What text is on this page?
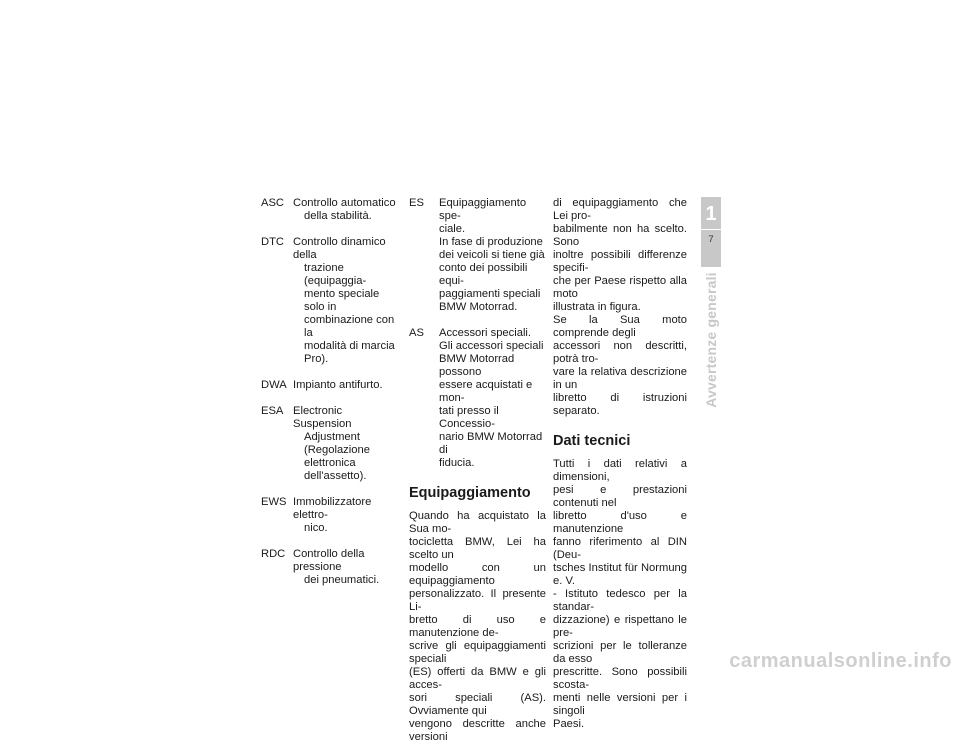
ASC Controllo automatico
della stabilità.
DTC Controllo dinamico della
trazione (equipaggia-
mento speciale solo in
combinazione con la
modalità di marcia Pro).
DWA Impianto antifurto.
ESA Electronic Suspension
Adjustment (Regolazione
elettronica dell'assetto).
EWS Immobilizzatore elettro-
nico.
RDC Controllo della pressione
dei pneumatici.
ES	Equipaggiamento spe-
ciale.
In fase di produzione
dei veicoli si tiene già
conto dei possibili equi-
paggiamenti speciali
BMW Motorrad.
AS	Accessori speciali.
Gli accessori speciali
BMW Motorrad possono
essere acquistati e mon-
tati presso il Concessio-
nario BMW Motorrad di
fiducia.
Equipaggiamento
Quando ha acquistato la Sua mo-
tocicletta BMW, Lei ha scelto un
modello con un equipaggiamento
personalizzato. Il presente Li-
bretto di uso e manutenzione de-
scrive gli equipaggiamenti speciali
(ES) offerti da BMW e gli acces-
sori speciali (AS). Ovviamente qui
vengono descritte anche versioni
di equipaggiamento che Lei pro-
babilmente non ha scelto. Sono
inoltre possibili differenze specifi-
che per Paese rispetto alla moto
illustrata in figura.
Se la Sua moto comprende degli
accessori non descritti, potrà tro-
vare la relativa descrizione in un
libretto di istruzioni separato.
Dati tecnici
Tutti i dati relativi a dimensioni,
pesi e prestazioni contenuti nel
libretto d'uso e manutenzione
fanno riferimento al DIN (Deu-
tsches Institut für Normung e. V.
- Istituto tedesco per la standar-
dizzazione) e rispettano le pre-
scrizioni per le tolleranze da esso
prescritte. Sono possibili scosta-
menti nelle versioni per i singoli
Paesi.
1
7
Avvertenze generali
carmanualsonline.info
